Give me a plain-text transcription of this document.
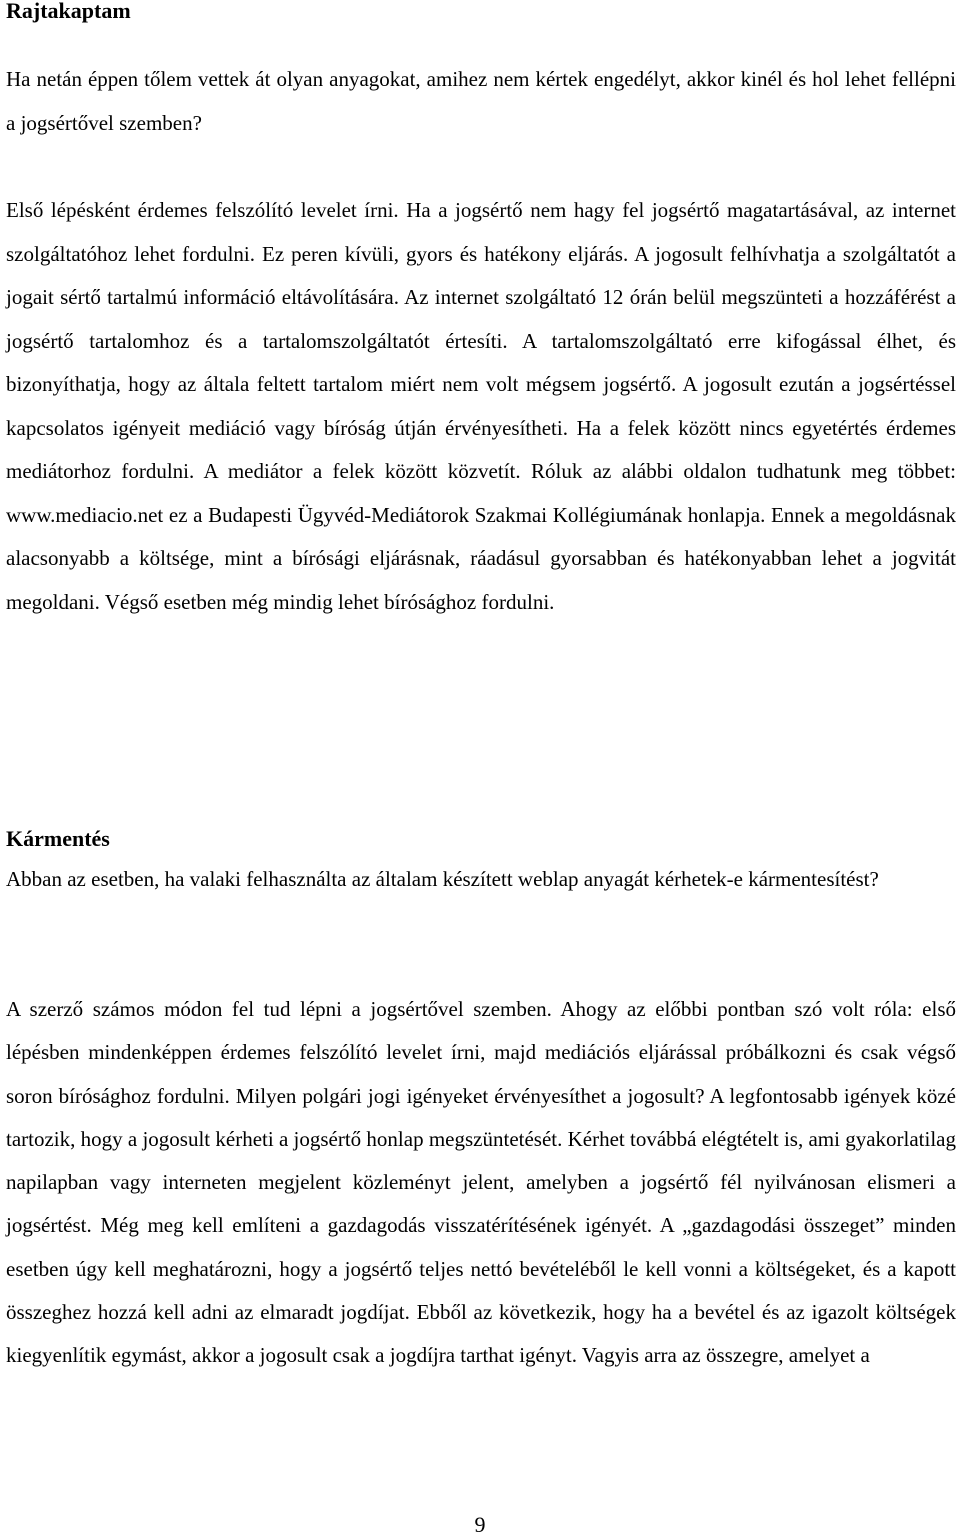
Rajtakaptam

Ha netán éppen tőlem vettek át olyan anyagokat, amihez nem kértek engedélyt, akkor kinél és hol lehet fellépni a jogsértővel szemben?

Első lépésként érdemes felszólító levelet írni. Ha a jogsértő nem hagy fel jogsértő magatartásával, az internet szolgáltatóhoz lehet fordulni. Ez peren kívüli, gyors és hatékony eljárás. A jogosult felhívhatja a szolgáltatót a jogait sértő tartalmú információ eltávolítására. Az internet szolgáltató 12 órán belül megszünteti a hozzáférést a jogsértő tartalomhoz és a tartalomszolgáltatót értesíti. A tartalomszolgáltató erre kifogással élhet, és bizonyíthatja, hogy az általa feltett tartalom miért nem volt mégsem jogsértő. A jogosult ezután a jogsértéssel kapcsolatos igényeit mediáció vagy bíróság útján érvényesítheti. Ha a felek között nincs egyetértés érdemes mediátorhoz fordulni. A mediátor a felek között közvetít. Róluk az alábbi oldalon tudhatunk meg többet: www.mediacio.net ez a Budapesti Ügyvéd-Mediátorok Szakmai Kollégiumának honlapja. Ennek a megoldásnak alacsonyabb a költsége, mint a bírósági eljárásnak, ráadásul gyorsabban és hatékonyabban lehet a jogvitát megoldani. Végső esetben még mindig lehet bírósághoz fordulni.

Kármentés

Abban az esetben, ha valaki felhasználta az általam készített weblap anyagát kérhetek-e kármentesítést?

A szerző számos módon fel tud lépni a jogsértővel szemben. Ahogy az előbbi pontban szó volt róla: első lépésben mindenképpen érdemes felszólító levelet írni, majd mediációs eljárással próbálkozni és csak végső soron bírósághoz fordulni. Milyen polgári jogi igényeket érvényesíthet a jogosult? A legfontosabb igények közé tartozik, hogy a jogosult kérheti a jogsértő honlap megszüntetését. Kérhet továbbá elégtételt is, ami gyakorlatilag napilapban vagy interneten megjelent közleményt jelent, amelyben a jogsértő fél nyilvánosan elismeri a jogsértést. Még meg kell említeni a gazdagodás visszatérítésének igényét. A „gazdagodási összeget” minden esetben úgy kell meghatározni, hogy a jogsértő teljes nettó bevételéből le kell vonni a költségeket, és a kapott összeghez hozzá kell adni az elmaradt jogdíjat. Ebből az következik, hogy ha a bevétel és az igazolt költségek kiegyenlítik egymást, akkor a jogosult csak a jogdíjra tarthat igényt. Vagyis arra az összegre, amelyet a

9
